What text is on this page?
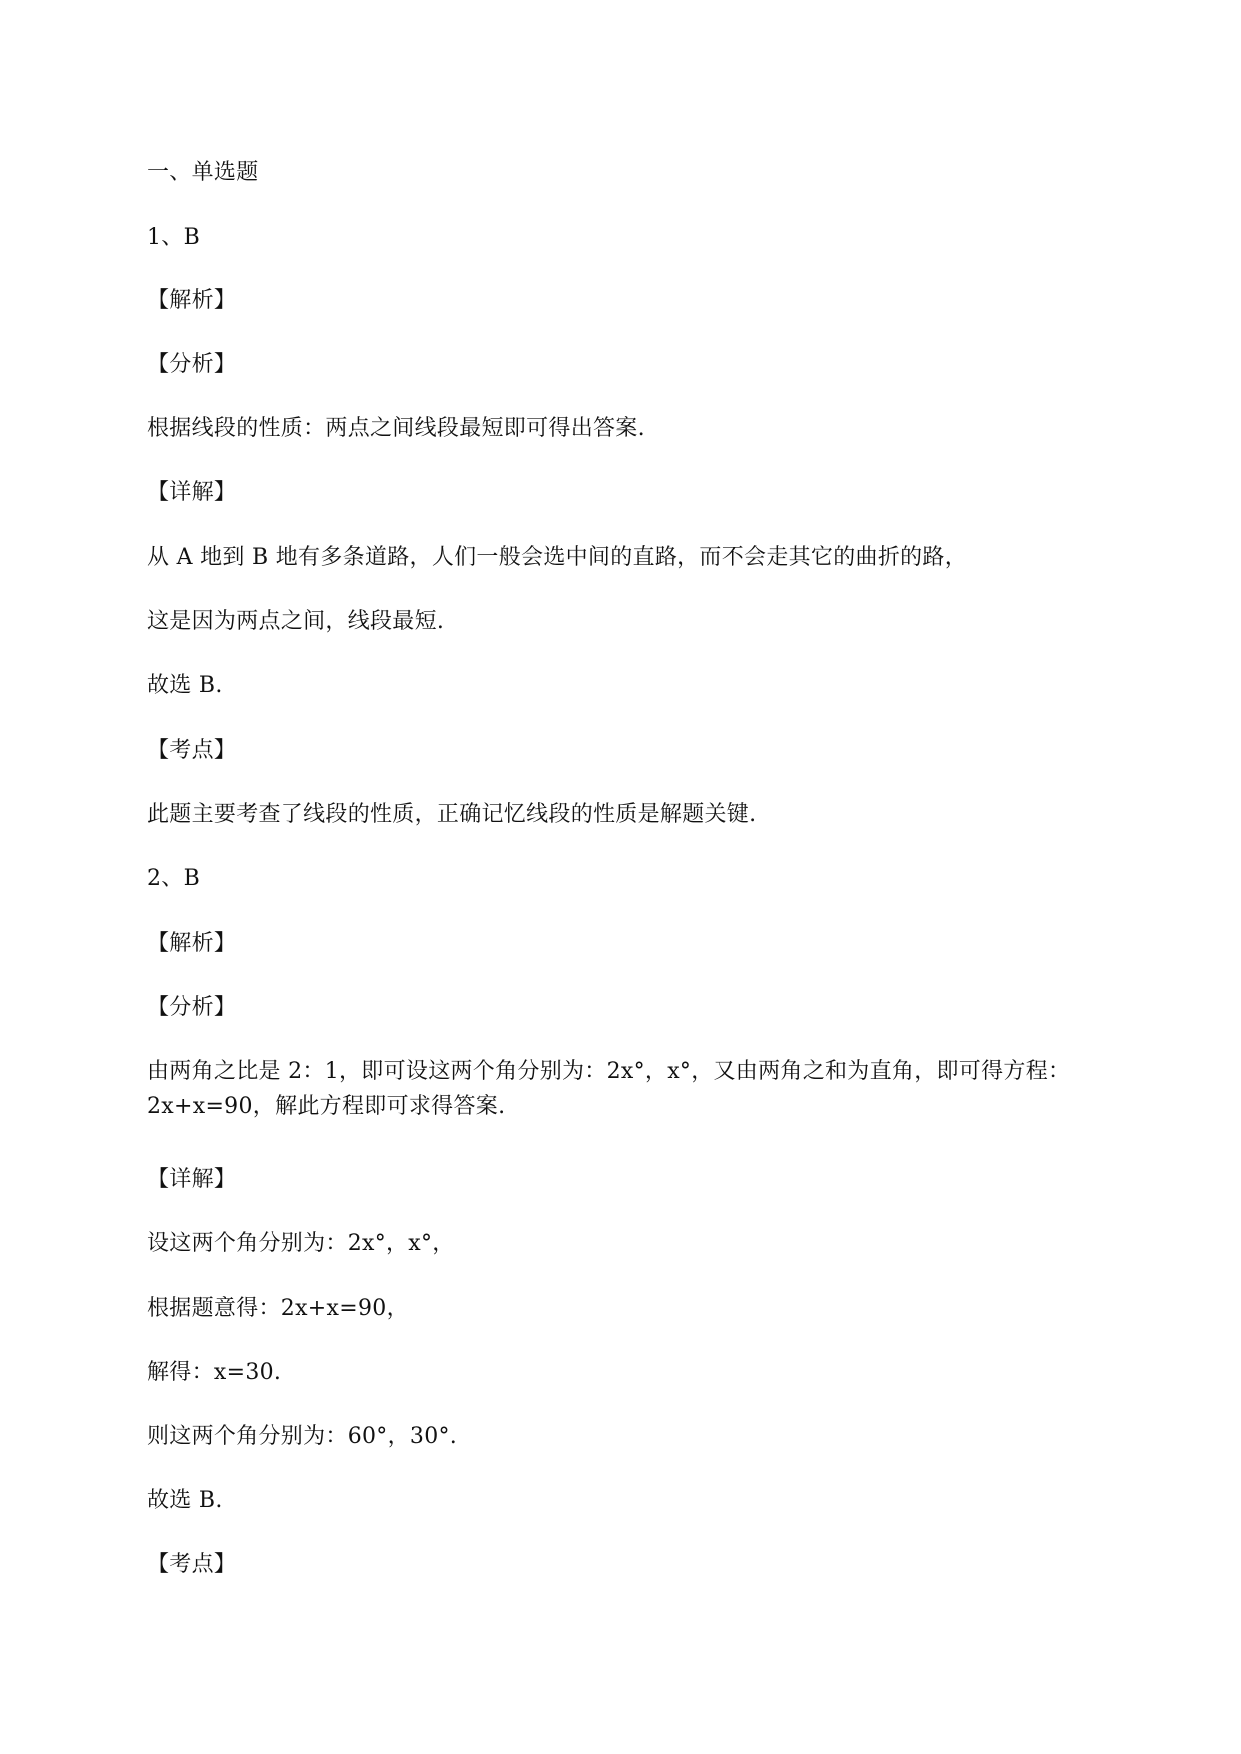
一、单选题
1、B
【解析】
【分析】
根据线段的性质：两点之间线段最短即可得出答案.
【详解】
从 A 地到 B 地有多条道路，人们一般会选中间的直路，而不会走其它的曲折的路，
这是因为两点之间，线段最短.
故选 B.
【考点】
此题主要考查了线段的性质，正确记忆线段的性质是解题关键.
2、B
【解析】
【分析】
由两角之比是 2：1，即可设这两个角分别为：2x°，x°，又由两角之和为直角，即可得方程：
2x+x=90，解此方程即可求得答案.
【详解】
设这两个角分别为：2x°，x°，
根据题意得：2x+x=90，
解得：x=30.
则这两个角分别为：60°，30°.
故选 B.
【考点】
